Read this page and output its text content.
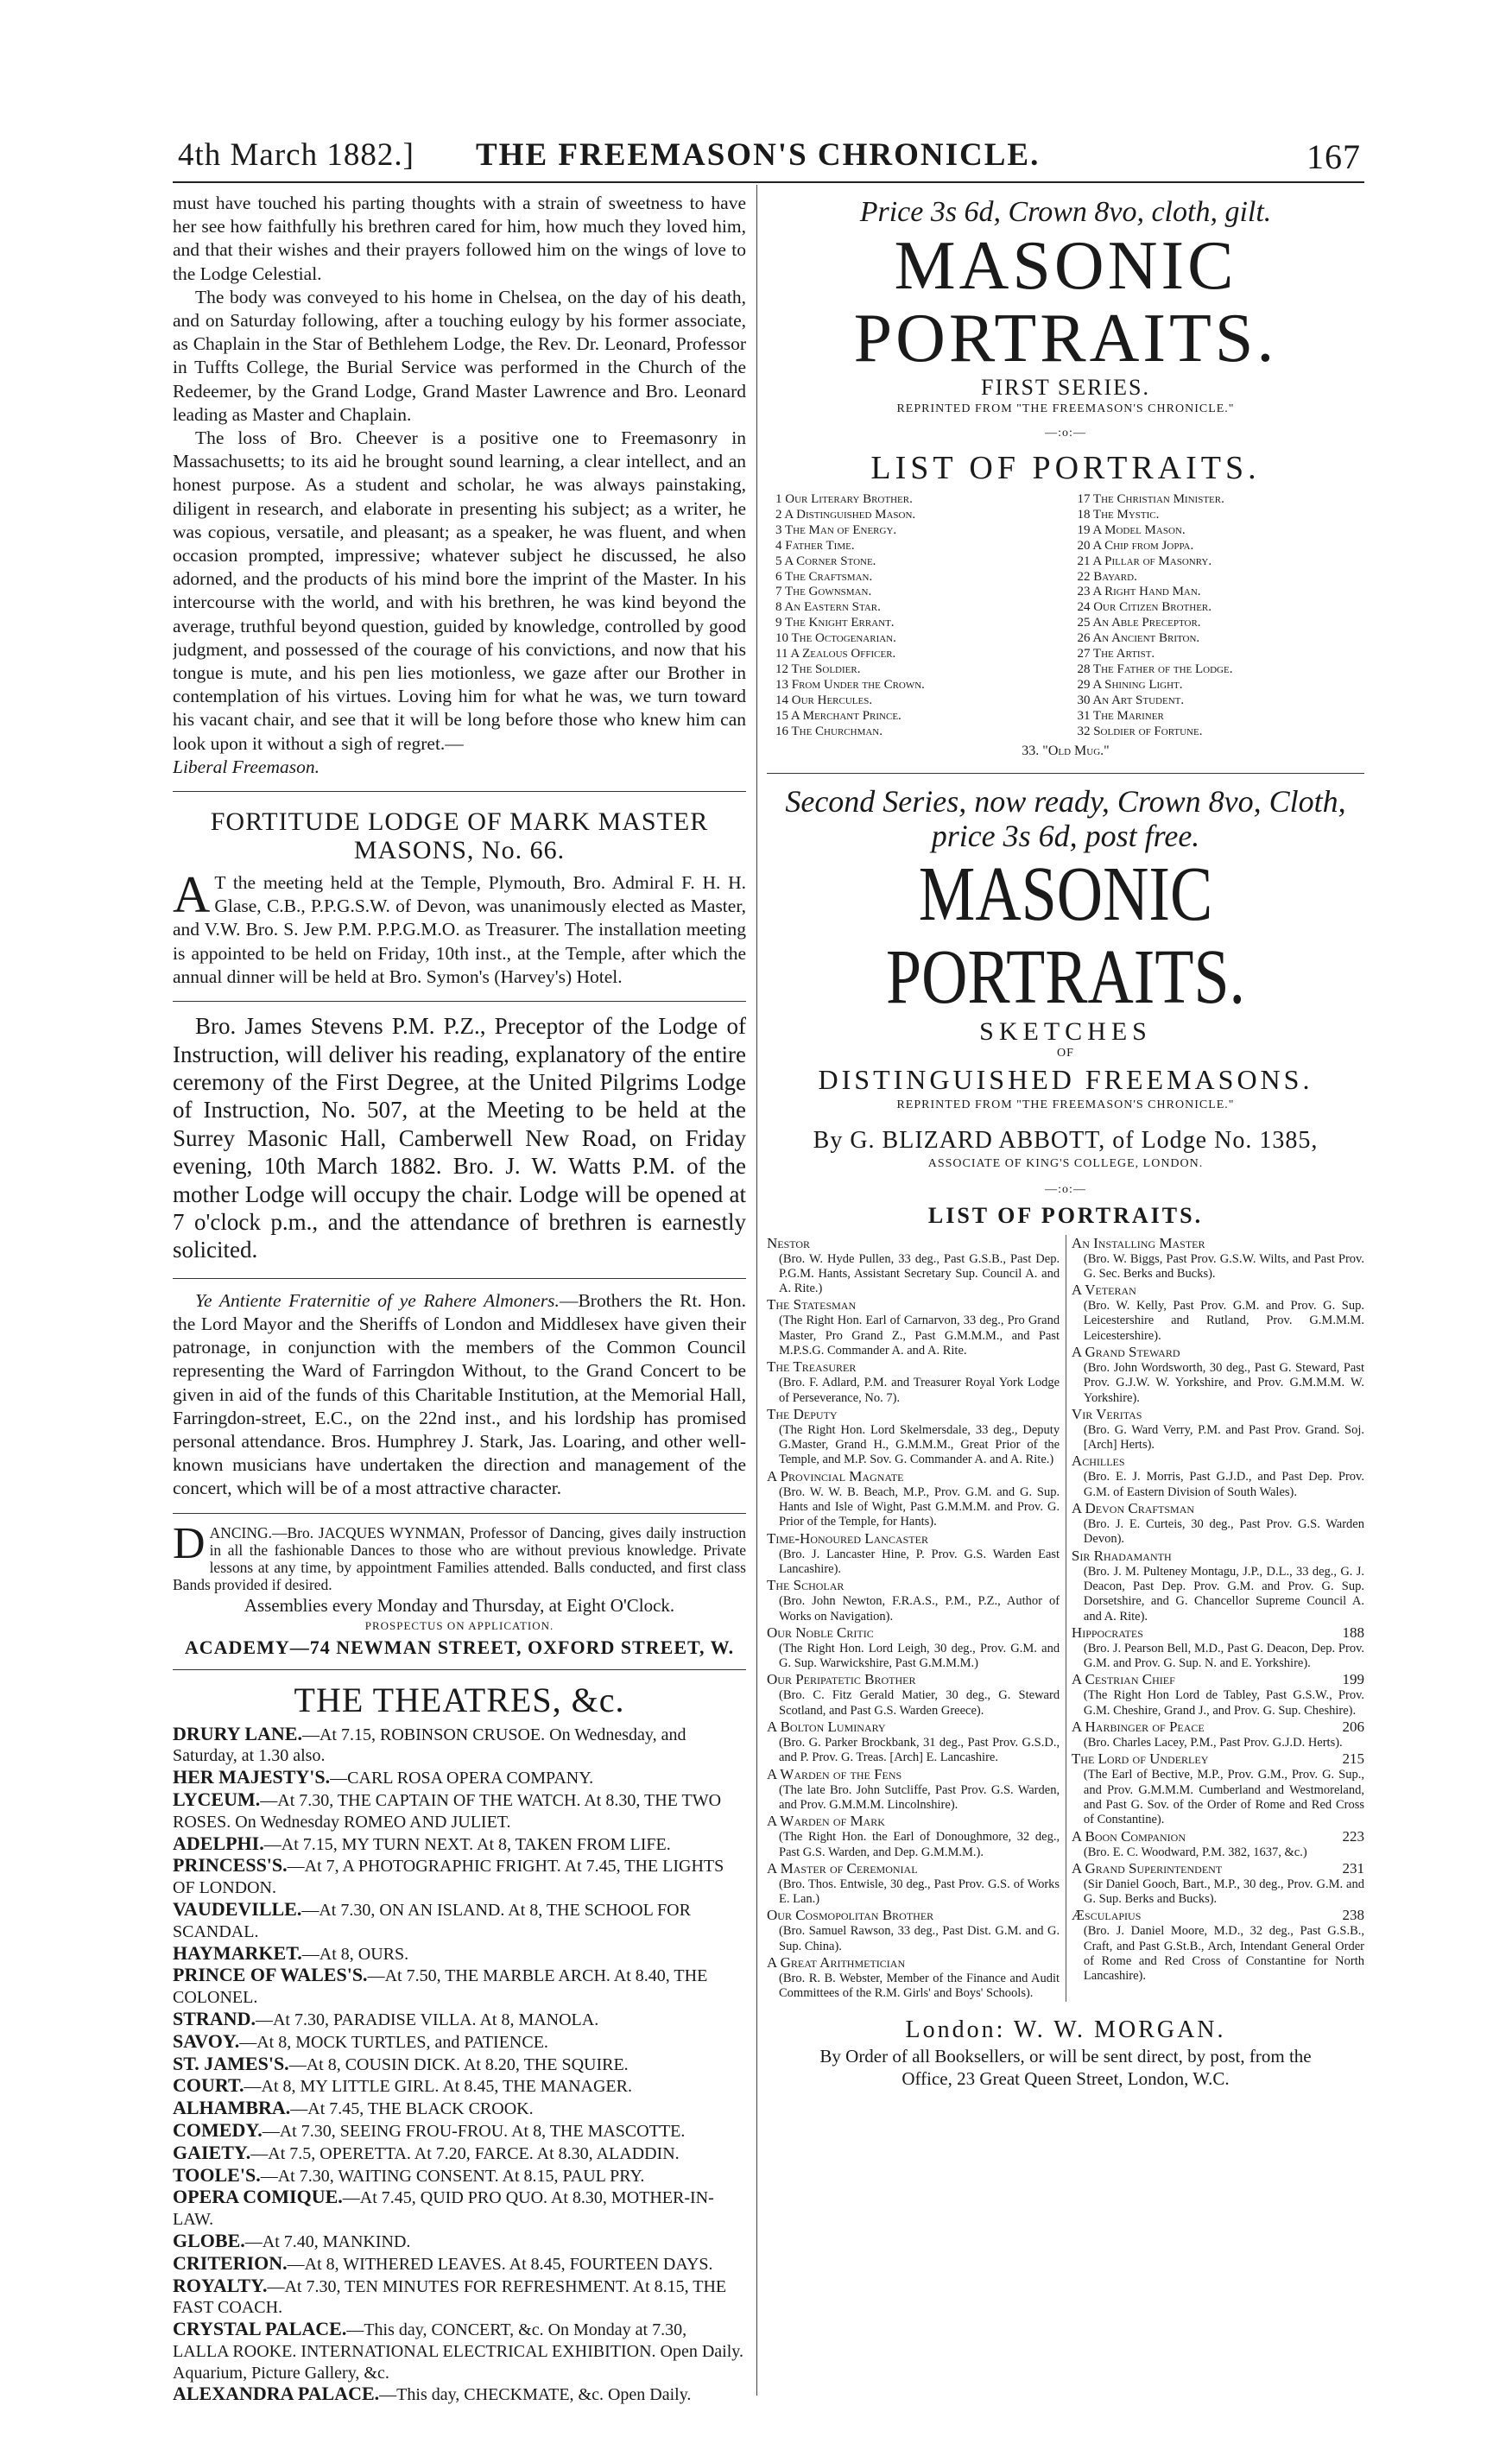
4th March 1882.] THE FREEMASON'S CHRONICLE.	167

must have touched his parting thoughts with a strain of sweetness to have her see how faithfully his brethren cared for him, how much they loved him, and that their wishes and their prayers followed him on the wings of love to the Lodge Celestial.

The body was conveyed to his home in Chelsea, on the day of his death, and on Saturday following, after a touching eulogy by his former associate, as Chaplain in the Star of Bethlehem Lodge, the Rev. Dr. Leonard, Professor in Tuffts College, the Burial Service was performed in the Church of the Redeemer, by the Grand Lodge, Grand Master Lawrence and Bro. Leonard leading as Master and Chaplain.

The loss of Bro. Cheever is a positive one to Freemasonry in Massachusetts; to its aid he brought sound learning, a clear intellect, and an honest purpose. As a student and scholar, he was always painstaking, diligent in research, and elaborate in presenting his subject; as a writer, he was copious, versatile, and pleasant; as a speaker, he was fluent, and when occasion prompted, impressive; whatever subject he discussed, he also adorned, and the products of his mind bore the imprint of the Master. In his intercourse with the world, and with his brethren, he was kind beyond the average, truthful beyond question, guided by knowledge, controlled by good judgment, and possessed of the courage of his convictions, and now that his tongue is mute, and his pen lies motionless, we gaze after our Brother in contemplation of his virtues. Loving him for what he was, we turn toward his vacant chair, and see that it will be long before those who knew him can look upon it without a sigh of regret.—

Liberal Freemason.

FORTITUDE LODGE OF MARK MASTER MASONS, No. 66.

A T the meeting held at the Temple, Plymouth, Bro. Admiral F. H. H. Glase, C.B., P.P.G.S.W. of Devon, was unanimously elected as Master, and V.W. Bro. S. Jew P.M. P.P.G.M.O. as Treasurer. The installation meeting is appointed to be held on Friday, 10th inst., at the Temple, after which the annual dinner will be held at Bro. Symon's (Harvey's) Hotel.

Bro. James Stevens P.M. P.Z., Preceptor of the Lodge of Instruction, will deliver his reading, explanatory of the entire ceremony of the First Degree, at the United Pilgrims Lodge of Instruction, No. 507, at the Meeting to be held at the Surrey Masonic Hall, Camberwell New Road, on Friday evening, 10th March 1882. Bro. J. W. Watts P.M. of the mother Lodge will occupy the chair. Lodge will be opened at 7 o'clock p.m., and the attendance of brethren is earnestly solicited.

Ye Antiente Fraternitie of ye Rahere Almoners.—Brothers the Rt. Hon. the Lord Mayor and the Sheriffs of London and Middlesex have given their patronage, in conjunction with the members of the Common Council representing the Ward of Farringdon Without, to the Grand Concert to be given in aid of the funds of this Charitable Institution, at the Memorial Hall, Farringdon-street, E.C., on the 22nd inst., and his lordship has promised personal attendance. Bros. Humphrey J. Stark, Jas. Loaring, and other well-known musicians have undertaken the direction and management of the concert, which will be of a most attractive character.

DANCING.—Bro. JACQUES WYNMAN, Professor of Dancing, gives daily instruction in all the fashionable Dances to those who are without previous knowledge. Private lessons at any time, by appointment Families attended. Balls conducted, and first class Bands provided if desired.

Assemblies every Monday and Thursday, at Eight O'Clock.

PROSPECTUS ON APPLICATION.

ACADEMY—74 NEWMAN STREET, OXFORD STREET, W.

THE THEATRES, &c.

DRURY LANE.—At 7.15, ROBINSON CRUSOE. On Wednesday, and Saturday, at 1.30 also.

HER MAJESTY'S.—CARL ROSA OPERA COMPANY.

LYCEUM.—At 7.30, THE CAPTAIN OF THE WATCH. At 8.30, THE TWO ROSES. On Wednesday ROMEO AND JULIET.

ADELPHI.—At 7.15, MY TURN NEXT. At 8, TAKEN FROM LIFE.

PRINCESS'S.—At 7, A PHOTOGRAPHIC FRIGHT. At 7.45, THE LIGHTS OF LONDON.

VAUDEVILLE.—At 7.30, ON AN ISLAND. At 8, THE SCHOOL FOR SCANDAL.

HAYMARKET.—At 8, OURS.

PRINCE OF WALES'S.—At 7.50, THE MARBLE ARCH. At 8.40, THE COLONEL.

STRAND.—At 7.30, PARADISE VILLA. At 8, MANOLA.

SAVOY.—At 8, MOCK TURTLES, and PATIENCE.

ST. JAMES'S.—At 8, COUSIN DICK. At 8.20, THE SQUIRE.

COURT.—At 8, MY LITTLE GIRL. At 8.45, THE MANAGER.

ALHAMBRA.—At 7.45, THE BLACK CROOK.

COMEDY.—At 7.30, SEEING FROU-FROU. At 8, THE MASCOTTE.

GAIETY.—At 7.5, OPERETTA. At 7.20, FARCE. At 8.30, ALADDIN.

TOOLE'S.—At 7.30, WAITING CONSENT. At 8.15, PAUL PRY.

OPERA COMIQUE.—At 7.45, QUID PRO QUO. At 8.30, MOTHER-IN-LAW.

GLOBE.—At 7.40, MANKIND.

CRITERION.—At 8, WITHERED LEAVES. At 8.45, FOURTEEN DAYS.

ROYALTY.—At 7.30, TEN MINUTES FOR REFRESHMENT. At 8.15, THE FAST COACH.

CRYSTAL PALACE.—This day, CONCERT, &c. On Monday at 7.30, LALLA ROOKE. INTERNATIONAL ELECTRICAL EXHIBITION. Open Daily. Aquarium, Picture Gallery, &c.

ALEXANDRA PALACE.—This day, CHECKMATE, &c. Open Daily.

Price 3s 6d, Crown 8vo, cloth, gilt.
MASONIC PORTRAITS.
FIRST SERIES.
REPRINTED FROM "THE FREEMASON'S CHRONICLE."
—:o:—
LIST OF PORTRAITS.
1 Our Literary Brother.
2 A Distinguished Mason.
3 The Man of Energy.
4 Father Time.
5 A Corner Stone.
6 The Craftsman.
7 The Gownsman.
8 An Eastern Star.
9 The Knight Errant.
10 The Octogenarian.
11 A Zealous Officer.
12 The Soldier.
13 From Under the Crown.
14 Our Hercules.
15 A Merchant Prince.
16 The Churchman.
17 The Christian Minister.
18 The Mystic.
19 A Model Mason.
20 A Chip from Joppa.
21 A Pillar of Masonry.
22 Bayard.
23 A Right Hand Man.
24 Our Citizen Brother.
25 An Able Preceptor.
26 An Ancient Briton.
27 The Artist.
28 The Father of the Lodge.
29 A Shining Light.
30 An Art Student.
31 The Mariner
32 Soldier of Fortune.
33. "Old Mug."
Second Series, now ready, Crown 8vo, Cloth,
price 3s 6d, post free.
MASONIC PORTRAITS.
SKETCHES
OF
DISTINGUISHED FREEMASONS.
REPRINTED FROM "THE FREEMASON'S CHRONICLE."
By G. BLIZARD ABBOTT, of Lodge No. 1385,
ASSOCIATE OF KING'S COLLEGE, LONDON.
—:o:—
LIST OF PORTRAITS.
Nestor
(Bro. W. Hyde Pullen, 33 deg., Past G.S.B., Past Dep. P.G.M. Hants, Assistant Secretary Sup. Council A. and A. Rite.)
The Statesman
(The Right Hon. Earl of Carnarvon, 33 deg., Pro Grand Master, Pro Grand Z., Past G.M.M.M., and Past M.P.S.G. Commander A. and A. Rite.
The Treasurer
(Bro. F. Adlard, P.M. and Treasurer Royal York Lodge of Perseverance, No. 7).
The Deputy
(The Right Hon. Lord Skelmersdale, 33 deg., Deputy G.Master, Grand H., G.M.M.M., Great Prior of the Temple, and M.P. Sov. G. Commander A. and A. Rite.)
A Provincial Magnate
(Bro. W. W. B. Beach, M.P., Prov. G.M. and G. Sup. Hants and Isle of Wight, Past G.M.M.M. and Prov. G. Prior of the Temple, for Hants).
Time-Honoured Lancaster
(Bro. J. Lancaster Hine, P. Prov. G.S. Warden East Lancashire).
The Scholar
(Bro. John Newton, F.R.A.S., P.M., P.Z., Author of Works on Navigation).
Our Noble Critic
(The Right Hon. Lord Leigh, 30 deg., Prov. G.M. and G. Sup. Warwickshire, Past G.M.M.M.)
Our Peripatetic Brother
(Bro. C. Fitz Gerald Matier, 30 deg., G. Steward Scotland, and Past G.S. Warden Greece).
A Bolton Luminary
(Bro. G. Parker Brockbank, 31 deg., Past Prov. G.S.D., and P. Prov. G. Treas. [Arch] E. Lancashire.
A Warden of the Fens
(The late Bro. John Sutcliffe, Past Prov. G.S. Warden, and Prov. G.M.M.M. Lincolnshire).
A Warden of Mark
(The Right Hon. the Earl of Donoughmore, 32 deg., Past G.S. Warden, and Dep. G.M.M.M.).
A Master of Ceremonial
(Bro. Thos. Entwisle, 30 deg., Past Prov. G.S. of Works E. Lan.)
Our Cosmopolitan Brother
(Bro. Samuel Rawson, 33 deg., Past Dist. G.M. and G. Sup. China).
A Great Arithmetician
(Bro. R. B. Webster, Member of the Finance and Audit Committees of the R.M. Girls' and Boys' Schools).
An Installing Master
(Bro. W. Biggs, Past Prov. G.S.W. Wilts, and Past Prov. G. Sec. Berks and Bucks).
A Veteran
(Bro. W. Kelly, Past Prov. G.M. and Prov. G. Sup. Leicestershire and Rutland, Prov. G.M.M.M. Leicestershire).
A Grand Steward
(Bro. John Wordsworth, 30 deg., Past G. Steward, Past Prov. G.J.W. W. Yorkshire, and Prov. G.M.M.M. W. Yorkshire).
Vir Veritas
(Bro. G. Ward Verry, P.M. and Past Prov. Grand. Soj. [Arch] Herts).
Achilles
(Bro. E. J. Morris, Past G.J.D., and Past Dep. Prov. G.M. of Eastern Division of South Wales).
A Devon Craftsman
(Bro. J. E. Curteis, 30 deg., Past Prov. G.S. Warden Devon).
Sir Rhadamanth
(Bro. J. M. Pulteney Montagu, J.P., D.L., 33 deg., G. J. Deacon, Past Dep. Prov. G.M. and Prov. G. Sup. Dorsetshire, and G. Chancellor Supreme Council A. and A. Rite).
Hippocrates	188
(Bro. J. Pearson Bell, M.D., Past G. Deacon, Dep. Prov. G.M. and Prov. G. Sup. N. and E. Yorkshire).
A Cestrian Chief	199
(The Right Hon Lord de Tabley, Past G.S.W., Prov. G.M. Cheshire, Grand J., and Prov. G. Sup. Cheshire).
A Harbinger of Peace	206
(Bro. Charles Lacey, P.M., Past Prov. G.J.D. Herts).
The Lord of Underley	215
(The Earl of Bective, M.P., Prov. G.M., Prov. G. Sup., and Prov. G.M.M.M. Cumberland and Westmoreland, and Past G. Sov. of the Order of Rome and Red Cross of Constantine).
A Boon Companion	223
(Bro. E. C. Woodward, P.M. 382, 1637, &c.)
A Grand Superintendent	231
(Sir Daniel Gooch, Bart., M.P., 30 deg., Prov. G.M. and G. Sup. Berks and Bucks).
Æsculapius	238
(Bro. J. Daniel Moore, M.D., 32 deg., Past G.S.B., Craft, and Past G.St.B., Arch, Intendant General Order of Rome and Red Cross of Constantine for North Lancashire).
London: W. W. MORGAN.
By Order of all Booksellers, or will be sent direct, by post, from the
Office, 23 Great Queen Street, London, W.C.
